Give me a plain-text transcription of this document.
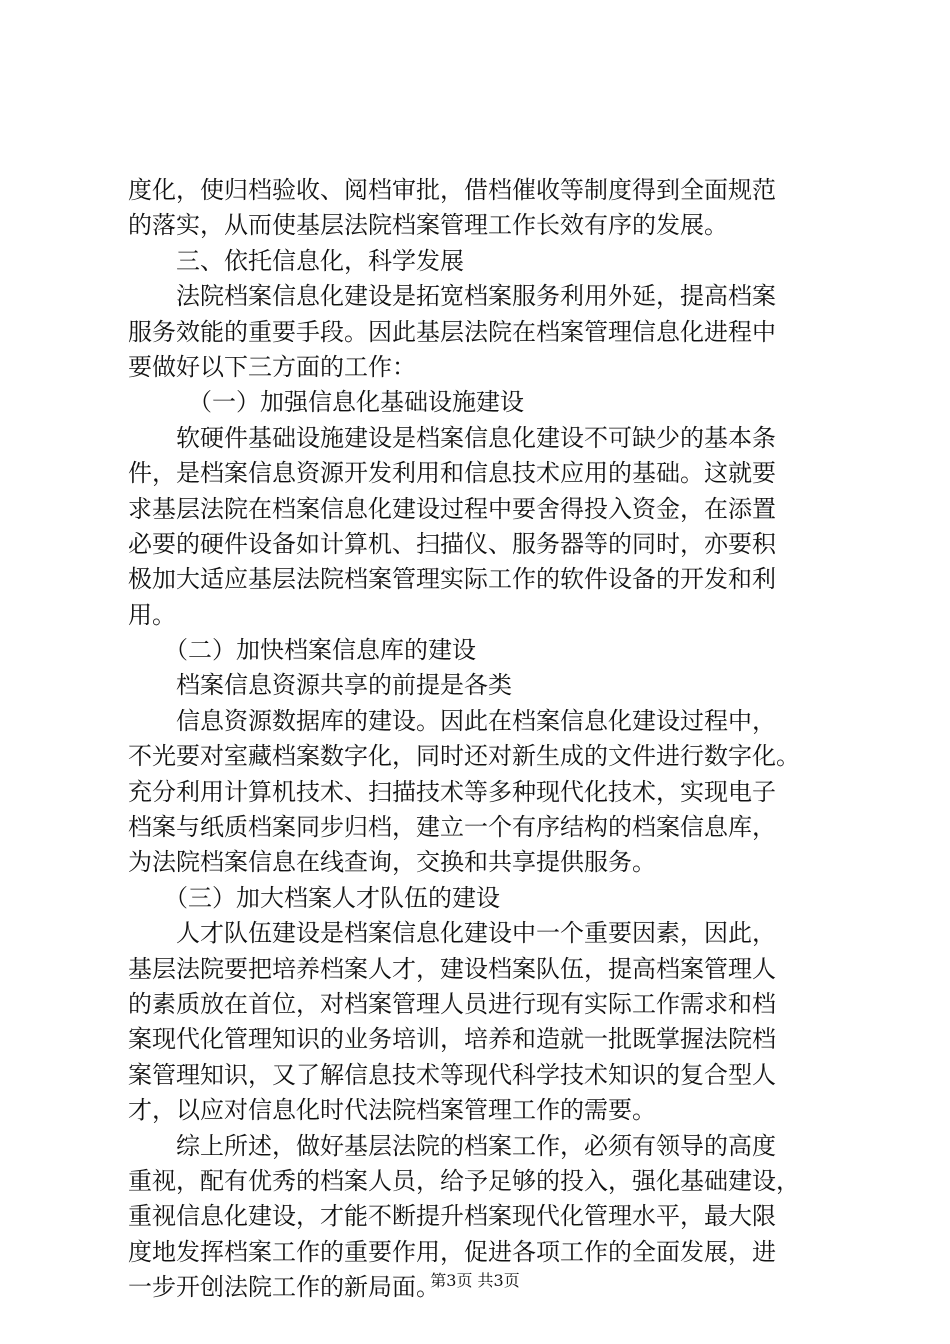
度化，使归档验收、阅档审批，借档催收等制度得到全面规范
的落实，从而使基层法院档案管理工作长效有序的发展。
三、依托信息化，科学发展
法院档案信息化建设是拓宽档案服务利用外延，提高档案
服务效能的重要手段。因此基层法院在档案管理信息化进程中
要做好以下三方面的工作：
（一）加强信息化基础设施建设
软硬件基础设施建设是档案信息化建设不可缺少的基本条
件，是档案信息资源开发利用和信息技术应用的基础。这就要
求基层法院在档案信息化建设过程中要舍得投入资金，在添置
必要的硬件设备如计算机、扫描仪、服务器等的同时，亦要积
极加大适应基层法院档案管理实际工作的软件设备的开发和利
用。
（二）加快档案信息库的建设
档案信息资源共享的前提是各类
信息资源数据库的建设。因此在档案信息化建设过程中，
不光要对室藏档案数字化，同时还对新生成的文件进行数字化。
充分利用计算机技术、扫描技术等多种现代化技术，实现电子
档案与纸质档案同步归档，建立一个有序结构的档案信息库，
为法院档案信息在线查询，交换和共享提供服务。
（三）加大档案人才队伍的建设
人才队伍建设是档案信息化建设中一个重要因素，因此，
基层法院要把培养档案人才，建设档案队伍，提高档案管理人
的素质放在首位，对档案管理人员进行现有实际工作需求和档
案现代化管理知识的业务培训，培养和造就一批既掌握法院档
案管理知识，又了解信息技术等现代科学技术知识的复合型人
才，以应对信息化时代法院档案管理工作的需要。
综上所述，做好基层法院的档案工作，必须有领导的高度
重视，配有优秀的档案人员，给予足够的投入，强化基础建设，
重视信息化建设，才能不断提升档案现代化管理水平，最大限
度地发挥档案工作的重要作用，促进各项工作的全面发展，进
一步开创法院工作的新局面。
第3页 共3页
